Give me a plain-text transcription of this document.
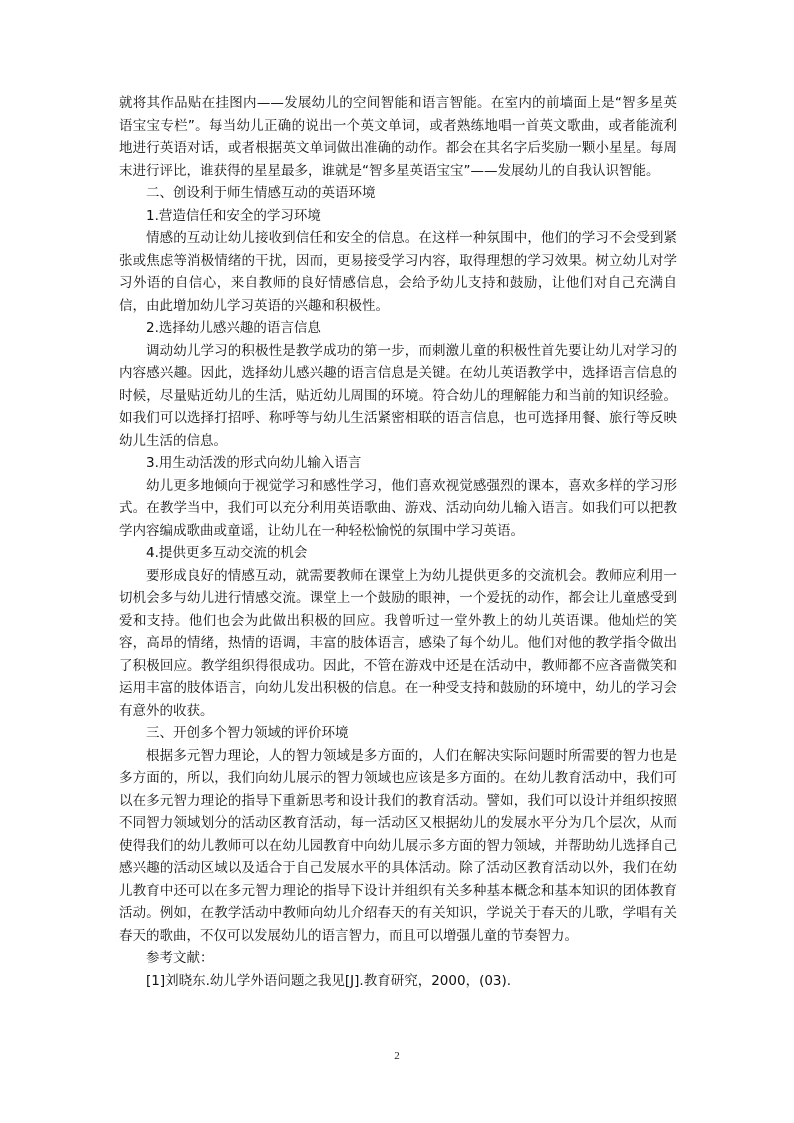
就将其作品贴在挂图内——发展幼儿的空间智能和语言智能。在室内的前墙面上是“智多星英语宝宝专栏”。每当幼儿正确的说出一个英文单词，或者熟练地唱一首英文歌曲，或者能流利地进行英语对话，或者根据英文单词做出准确的动作。都会在其名字后奖励一颗小星星。每周末进行评比，谁获得的星星最多，谁就是“智多星英语宝宝”——发展幼儿的自我认识智能。

二、创设利于师生情感互动的英语环境

1.营造信任和安全的学习环境

情感的互动让幼儿接收到信任和安全的信息。在这样一种氛围中，他们的学习不会受到紧张或焦虑等消极情绪的干扰，因而，更易接受学习内容，取得理想的学习效果。树立幼儿对学习外语的自信心，来自教师的良好情感信息，会给予幼儿支持和鼓励，让他们对自己充满自信，由此增加幼儿学习英语的兴趣和积极性。

2.选择幼儿感兴趣的语言信息

调动幼儿学习的积极性是教学成功的第一步，而刺激儿童的积极性首先要让幼儿对学习的内容感兴趣。因此，选择幼儿感兴趣的语言信息是关键。在幼儿英语教学中，选择语言信息的时候，尽量贴近幼儿的生活，贴近幼儿周围的环境。符合幼儿的理解能力和当前的知识经验。如我们可以选择打招呼、称呼等与幼儿生活紧密相联的语言信息，也可选择用餐、旅行等反映幼儿生活的信息。

3.用生动活泼的形式向幼儿输入语言

幼儿更多地倾向于视觉学习和感性学习，他们喜欢视觉感强烈的课本，喜欢多样的学习形式。在教学当中，我们可以充分利用英语歌曲、游戏、活动向幼儿输入语言。如我们可以把教学内容编成歌曲或童谣，让幼儿在一种轻松愉悦的氛围中学习英语。

4.提供更多互动交流的机会

要形成良好的情感互动，就需要教师在课堂上为幼儿提供更多的交流机会。教师应利用一切机会多与幼儿进行情感交流。课堂上一个鼓励的眼神，一个爱抚的动作，都会让儿童感受到爱和支持。他们也会为此做出积极的回应。我曾听过一堂外教上的幼儿英语课。他灿烂的笑容，高昂的情绪，热情的语调，丰富的肢体语言，感染了每个幼儿。他们对他的教学指令做出了积极回应。教学组织得很成功。因此，不管在游戏中还是在活动中，教师都不应吝啬微笑和运用丰富的肢体语言，向幼儿发出积极的信息。在一种受支持和鼓励的环境中，幼儿的学习会有意外的收获。

三、开创多个智力领域的评价环境

根据多元智力理论，人的智力领域是多方面的，人们在解决实际问题时所需要的智力也是多方面的，所以，我们向幼儿展示的智力领域也应该是多方面的。在幼儿教育活动中，我们可以在多元智力理论的指导下重新思考和设计我们的教育活动。譬如，我们可以设计并组织按照不同智力领域划分的活动区教育活动，每一活动区又根据幼儿的发展水平分为几个层次，从而使得我们的幼儿教师可以在幼儿园教育中向幼儿展示多方面的智力领域，并帮助幼儿选择自己感兴趣的活动区域以及适合于自己发展水平的具体活动。除了活动区教育活动以外，我们在幼儿教育中还可以在多元智力理论的指导下设计并组织有关多种基本概念和基本知识的团体教育活动。例如，在教学活动中教师向幼儿介绍春天的有关知识，学说关于春天的儿歌，学唱有关春天的歌曲，不仅可以发展幼儿的语言智力，而且可以增强儿童的节奏智力。

参考文献：

[1]刘晓东.幼儿学外语问题之我见[J].教育研究，2000，(03).

2
